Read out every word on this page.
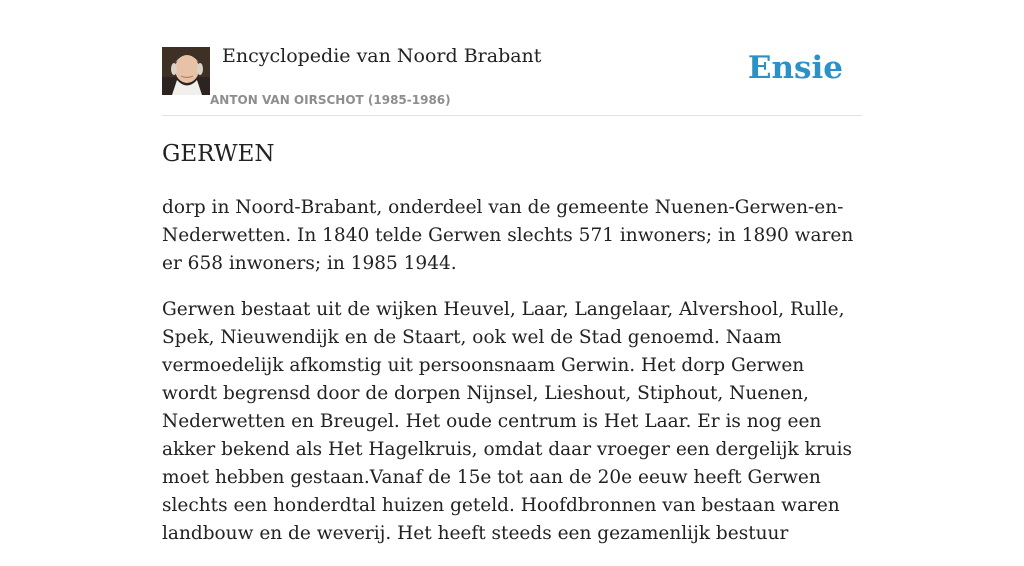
Encyclopedie van Noord Brabant
ANTON VAN OIRSCHOT (1985-1986)
Ensie
GERWEN

dorp in Noord-Brabant, onderdeel van de gemeente Nuenen-Gerwen-en-Nederwetten. In 1840 telde Gerwen slechts 571 inwoners; in 1890 waren er 658 inwoners; in 1985 1944.

Gerwen bestaat uit de wijken Heuvel, Laar, Langelaar, Alvershool, Rulle, Spek, Nieuwendijk en de Staart, ook wel de Stad genoemd. Naam vermoedelijk afkomstig uit persoonsnaam Gerwin. Het dorp Gerwen wordt begrensd door de dorpen Nijnsel, Lieshout, Stiphout, Nuenen, Nederwetten en Breugel. Het oude centrum is Het Laar. Er is nog een akker bekend als Het Hagelkruis, omdat daar vroeger een dergelijk kruis moet hebben gestaan.Vanaf de 15e tot aan de 20e eeuw heeft Gerwen slechts een honderdtal huizen geteld. Hoofdbronnen van bestaan waren landbouw en de weverij. Het heeft steeds een gezamenlijk bestuur
